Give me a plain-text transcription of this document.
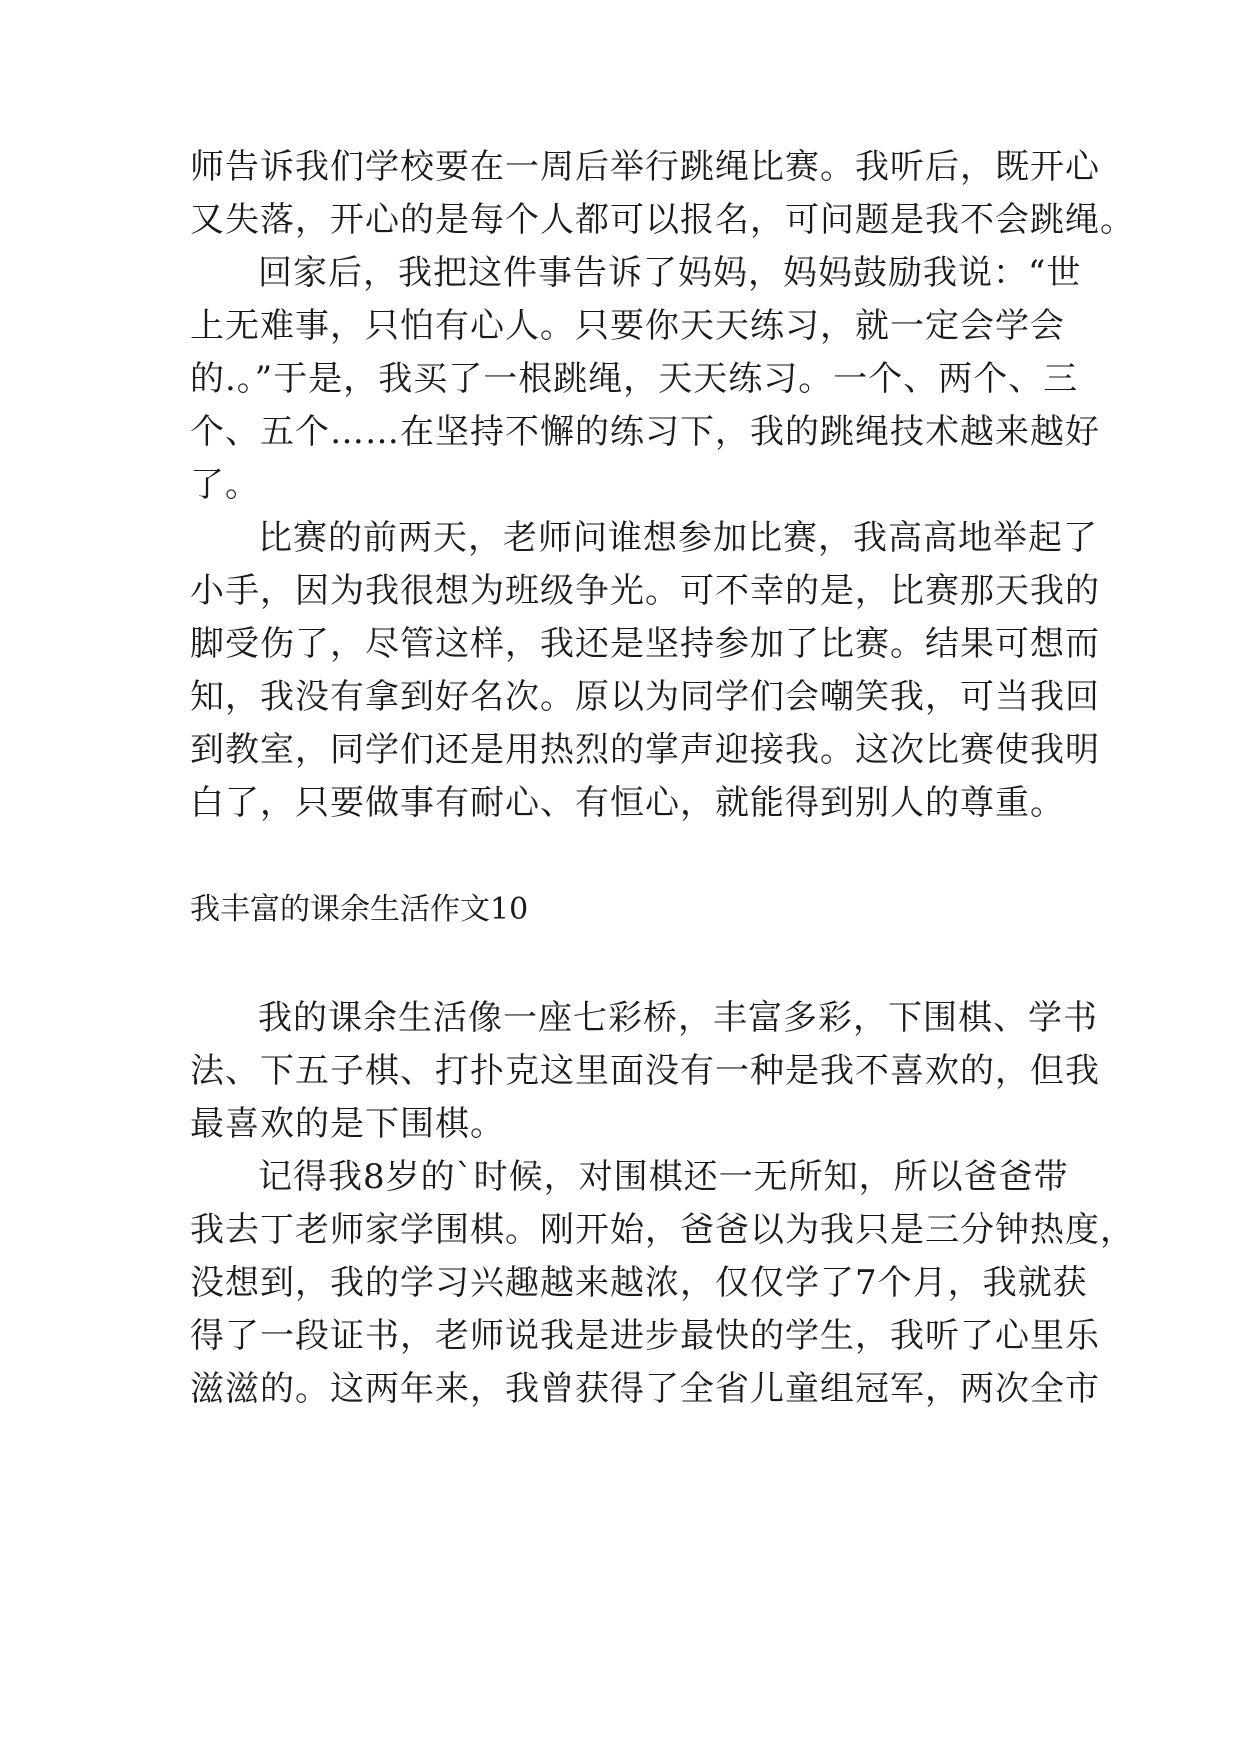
师告诉我们学校要在一周后举行跳绳比赛。我听后，既开心
又失落，开心的是每个人都可以报名，可问题是我不会跳绳。
回家后，我把这件事告诉了妈妈，妈妈鼓励我说：“世
上无难事，只怕有心人。只要你天天练习，就一定会学会
的.。”于是，我买了一根跳绳，天天练习。一个、两个、三
个、五个……在坚持不懈的练习下，我的跳绳技术越来越好
了。
比赛的前两天，老师问谁想参加比赛，我高高地举起了
小手，因为我很想为班级争光。可不幸的是，比赛那天我的
脚受伤了，尽管这样，我还是坚持参加了比赛。结果可想而
知，我没有拿到好名次。原以为同学们会嘲笑我，可当我回
到教室，同学们还是用热烈的掌声迎接我。这次比赛使我明
白了，只要做事有耐心、有恒心，就能得到别人的尊重。
我丰富的课余生活作文10
我的课余生活像一座七彩桥，丰富多彩，下围棋、学书
法、下五子棋、打扑克这里面没有一种是我不喜欢的，但我
最喜欢的是下围棋。
记得我8岁的`时候，对围棋还一无所知，所以爸爸带
我去丁老师家学围棋。刚开始，爸爸以为我只是三分钟热度，
没想到，我的学习兴趣越来越浓，仅仅学了7个月，我就获
得了一段证书，老师说我是进步最快的学生，我听了心里乐
滋滋的。这两年来，我曾获得了全省儿童组冠军，两次全市
